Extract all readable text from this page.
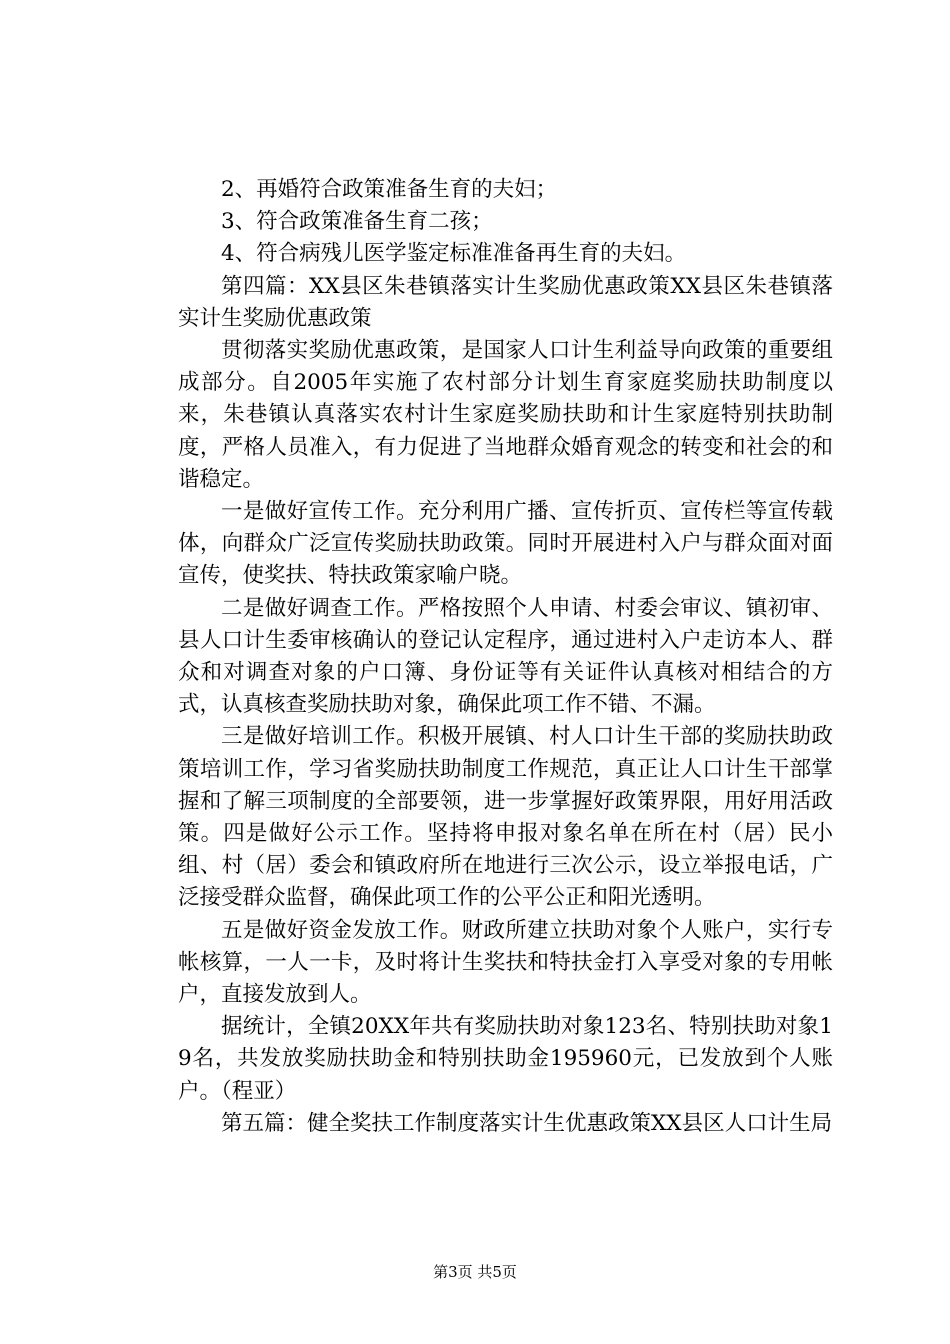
2、再婚符合政策准备生育的夫妇；

3、符合政策准备生育二孩；

4、符合病残儿医学鉴定标准准备再生育的夫妇。

第四篇：XX县区朱巷镇落实计生奖励优惠政策XX县区朱巷镇落实计生奖励优惠政策

贯彻落实奖励优惠政策，是国家人口计生利益导向政策的重要组成部分。自2005年实施了农村部分计划生育家庭奖励扶助制度以来，朱巷镇认真落实农村计生家庭奖励扶助和计生家庭特别扶助制度，严格人员准入，有力促进了当地群众婚育观念的转变和社会的和谐稳定。

一是做好宣传工作。充分利用广播、宣传折页、宣传栏等宣传载体，向群众广泛宣传奖励扶助政策。同时开展进村入户与群众面对面宣传，使奖扶、特扶政策家喻户晓。

二是做好调查工作。严格按照个人申请、村委会审议、镇初审、县人口计生委审核确认的登记认定程序，通过进村入户走访本人、群众和对调查对象的户口簿、身份证等有关证件认真核对相结合的方式，认真核查奖励扶助对象，确保此项工作不错、不漏。

三是做好培训工作。积极开展镇、村人口计生干部的奖励扶助政策培训工作，学习省奖励扶助制度工作规范，真正让人口计生干部掌握和了解三项制度的全部要领，进一步掌握好政策界限，用好用活政策。四是做好公示工作。坚持将申报对象名单在所在村（居）民小组、村（居）委会和镇政府所在地进行三次公示，设立举报电话，广泛接受群众监督，确保此项工作的公平公正和阳光透明。

五是做好资金发放工作。财政所建立扶助对象个人账户，实行专帐核算，一人一卡，及时将计生奖扶和特扶金打入享受对象的专用帐户，直接发放到人。

据统计，全镇20XX年共有奖励扶助对象123名、特别扶助对象19名，共发放奖励扶助金和特别扶助金195960元，已发放到个人账户。（程亚）

第五篇：健全奖扶工作制度落实计生优惠政策XX县区人口计生局

第3页 共5页
